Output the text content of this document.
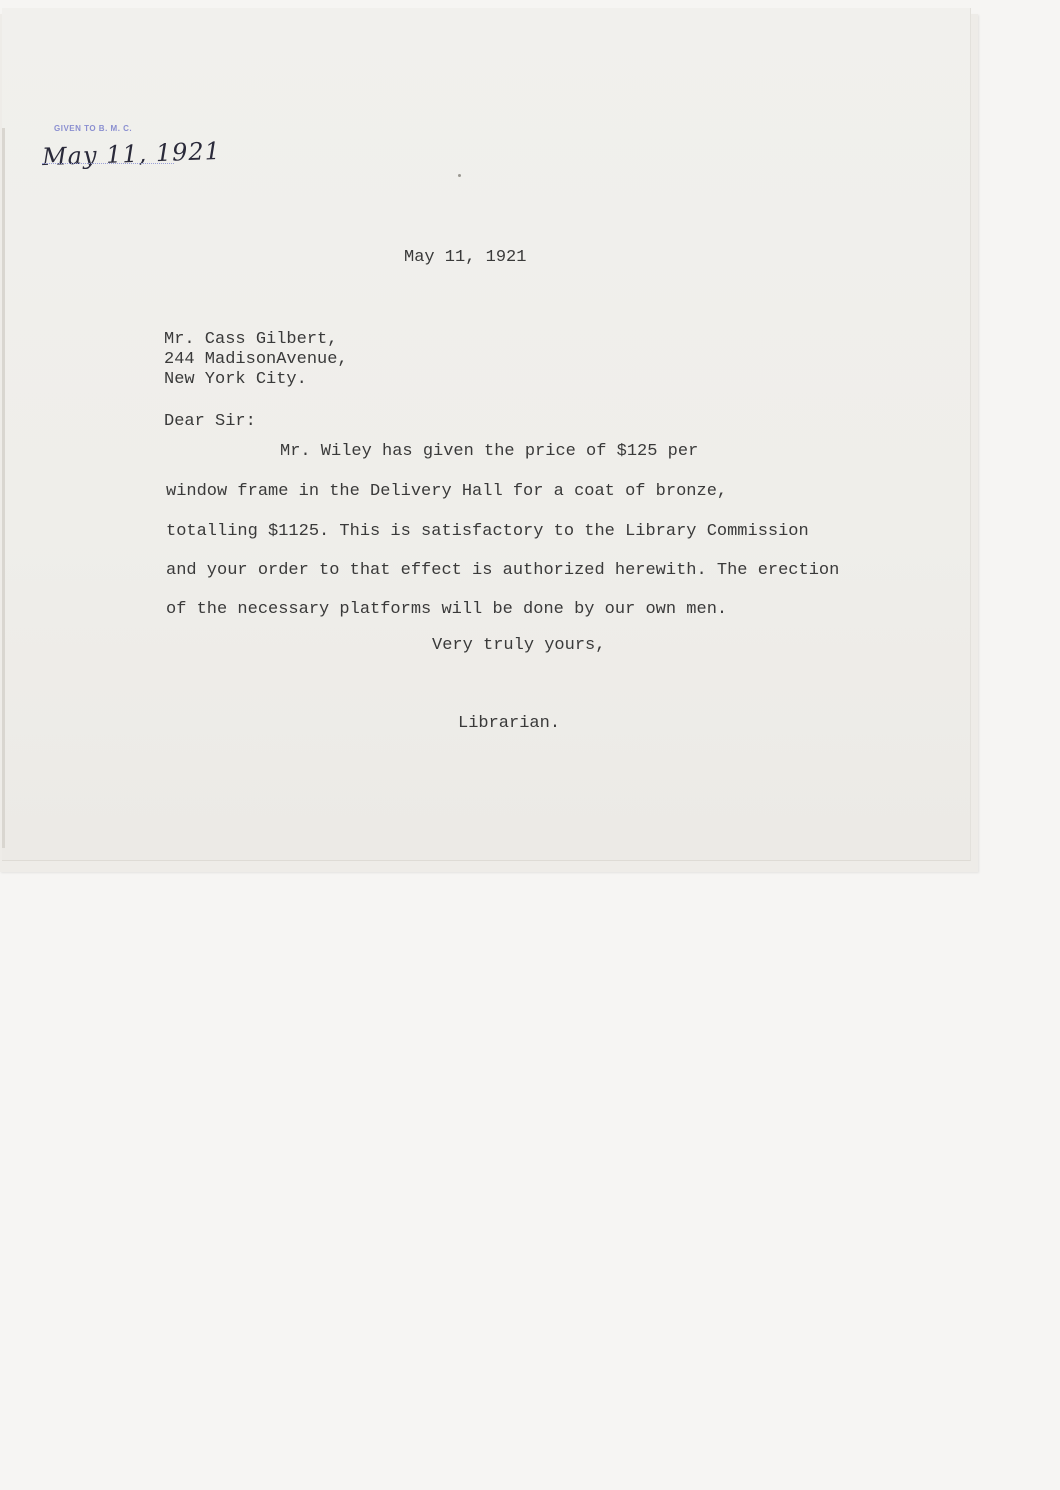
GIVEN TO B. M. C.
May 11, 1921
May 11, 1921
Mr. Cass Gilbert,
244 MadisonAvenue,
New York City.
Dear Sir:
Mr. Wiley has given the price of $125 per
window frame in the Delivery Hall for a coat of bronze,
totalling $1125. This is satisfactory to the Library Commission
and your order to that effect is authorized herewith. The erection
of the necessary platforms will be done by our own men.
Very truly yours,
Librarian.
